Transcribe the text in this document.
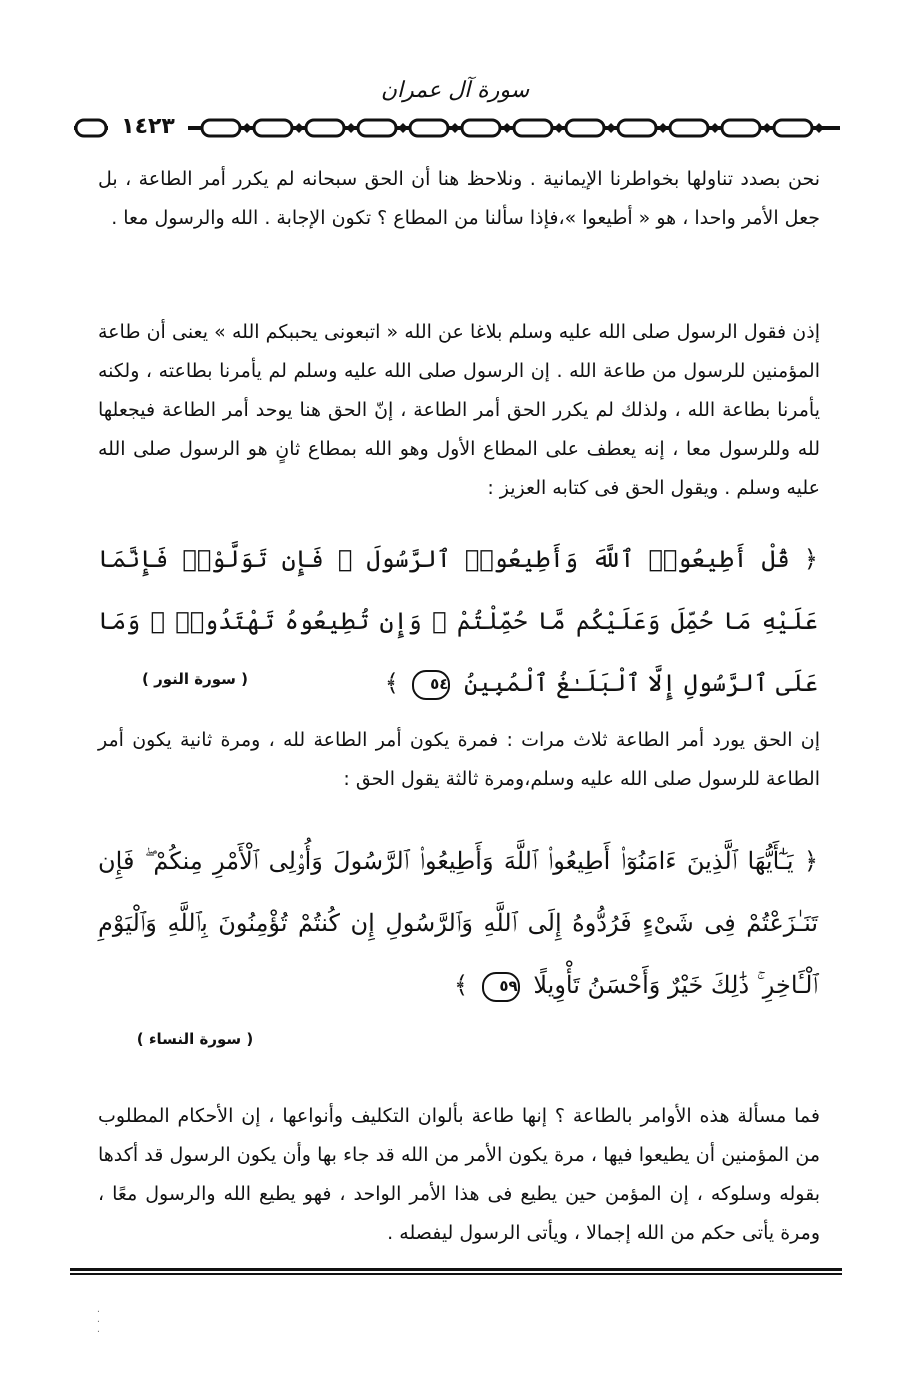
سورة آل عمران
١٤٢٣

نحن بصدد تناولها بخواطرنا الإيمانية . ونلاحظ هنا أن الحق سبحانه لم يكرر أمر الطاعة ، بل جعل الأمر واحدا ، هو « أطيعوا »،فإذا سألنا من المطاع ؟ تكون الإجابة . الله والرسول معا .

إذن فقول الرسول صلى الله عليه وسلم بلاغا عن الله « اتبعونى يحببكم الله » يعنى أن طاعة المؤمنين للرسول من طاعة الله . إن الرسول صلى الله عليه وسلم لم يأمرنا بطاعته ، ولكنه يأمرنا بطاعة الله ، ولذلك لم يكرر الحق أمر الطاعة ، إنّ الحق هنا يوحد أمر الطاعة فيجعلها لله وللرسول معا ، إنه يعطف على المطاع الأول وهو الله بمطاع ثانٍ هو الرسول صلى الله عليه وسلم . ويقول الحق فى كتابه العزيز :

﴿ قُلْ أَطِيعُوا۟ ٱللَّهَ وَأَطِيعُوا۟ ٱلرَّسُولَ ۖ فَإِن تَوَلَّوْا۟ فَإِنَّمَا عَلَيْهِ مَا حُمِّلَ وَعَلَيْكُم مَّا حُمِّلْتُمْ ۖ وَإِن تُطِيعُوهُ تَهْتَدُوا۟ ۚ وَمَا عَلَى ٱلرَّسُولِ إِلَّا ٱلْبَلَـٰغُ ٱلْمُبِينُ ٥٤ ﴾

( سورة النور )

إن الحق يورد أمر الطاعة ثلاث مرات : فمرة يكون أمر الطاعة لله ، ومرة ثانية يكون أمر الطاعة للرسول صلى الله عليه وسلم،ومرة ثالثة يقول الحق :

﴿ يَـٰٓأَيُّهَا ٱلَّذِينَ ءَامَنُوٓا۟ أَطِيعُوا۟ ٱللَّهَ وَأَطِيعُوا۟ ٱلرَّسُولَ وَأُو۟لِى ٱلْأَمْرِ مِنكُمْ ۖ فَإِن تَنَـٰزَعْتُمْ فِى شَىْءٍ فَرُدُّوهُ إِلَى ٱللَّهِ وَٱلرَّسُولِ إِن كُنتُمْ تُؤْمِنُونَ بِٱللَّهِ وَٱلْيَوْمِ ٱلْـَٔاخِرِ ۚ ذَٰلِكَ خَيْرٌ وَأَحْسَنُ تَأْوِيلًا ٥٩ ﴾

( سورة النساء )

فما مسألة هذه الأوامر بالطاعة ؟ إنها طاعة بألوان التكليف وأنواعها ، إن الأحكام المطلوب من المؤمنين أن يطيعوا فيها ، مرة يكون الأمر من الله قد جاء بها وأن يكون الرسول قد أكدها بقوله وسلوكه ، إن المؤمن حين يطيع فى هذا الأمر الواحد ، فهو يطيع الله والرسول معًا ، ومرة يأتى حكم من الله إجمالا ، ويأتى الرسول ليفصله .

·
·
·
